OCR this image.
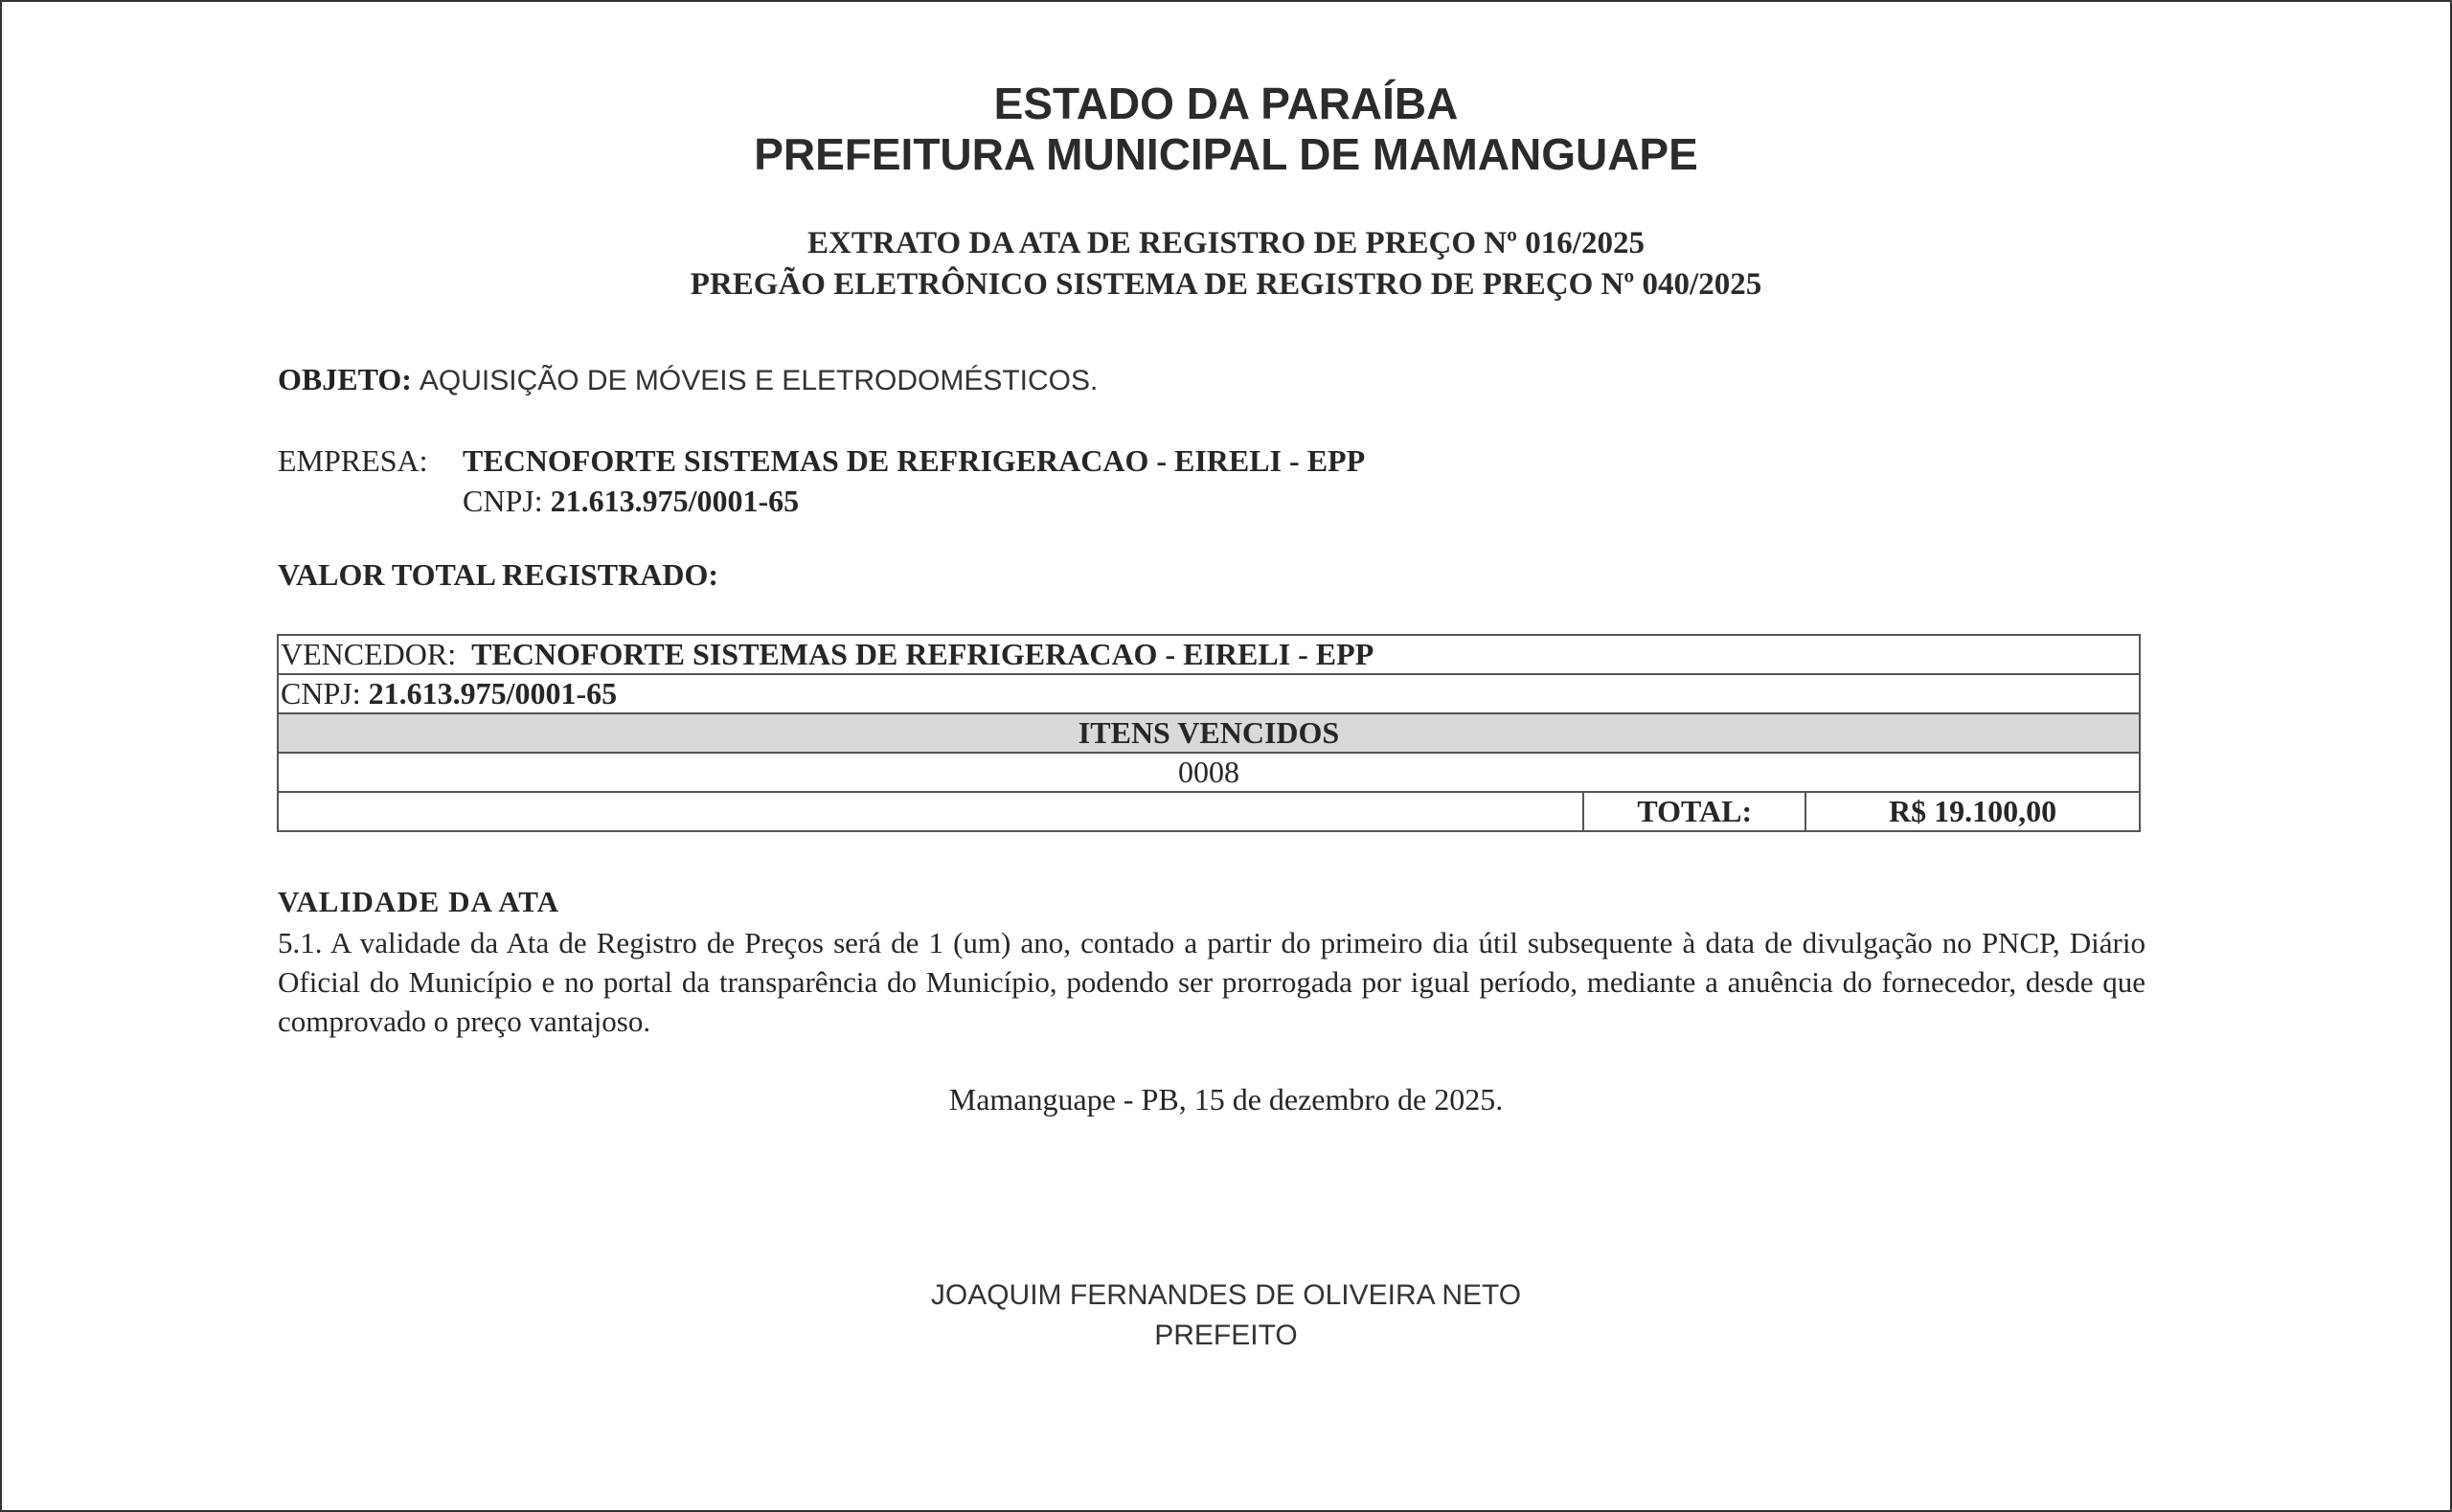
ESTADO DA PARAÍBA
PREFEITURA MUNICIPAL DE MAMANGUAPE
EXTRATO DA ATA DE REGISTRO DE PREÇO Nº 016/2025
PREGÃO ELETRÔNICO SISTEMA DE REGISTRO DE PREÇO Nº 040/2025
OBJETO: AQUISIÇÃO DE MÓVEIS E ELETRODOMÉSTICOS.
EMPRESA: TECNOFORTE SISTEMAS DE REFRIGERACAO - EIRELI - EPP
CNPJ: 21.613.975/0001-65
VALOR TOTAL REGISTRADO:
VENCEDOR: TECNOFORTE SISTEMAS DE REFRIGERACAO - EIRELI - EPP
CNPJ: 21.613.975/0001-65
ITENS VENCIDOS
0008
	TOTAL:	R$ 19.100,00
VALIDADE DA ATA
5.1. A validade da Ata de Registro de Preços será de 1 (um) ano, contado a partir do primeiro dia útil subsequente à data de divulgação no PNCP, Diário Oficial do Município e no portal da transparência do Município, podendo ser prorrogada por igual período, mediante a anuência do fornecedor, desde que comprovado o preço vantajoso.
Mamanguape - PB, 15 de dezembro de 2025.
JOAQUIM FERNANDES DE OLIVEIRA NETO
PREFEITO
